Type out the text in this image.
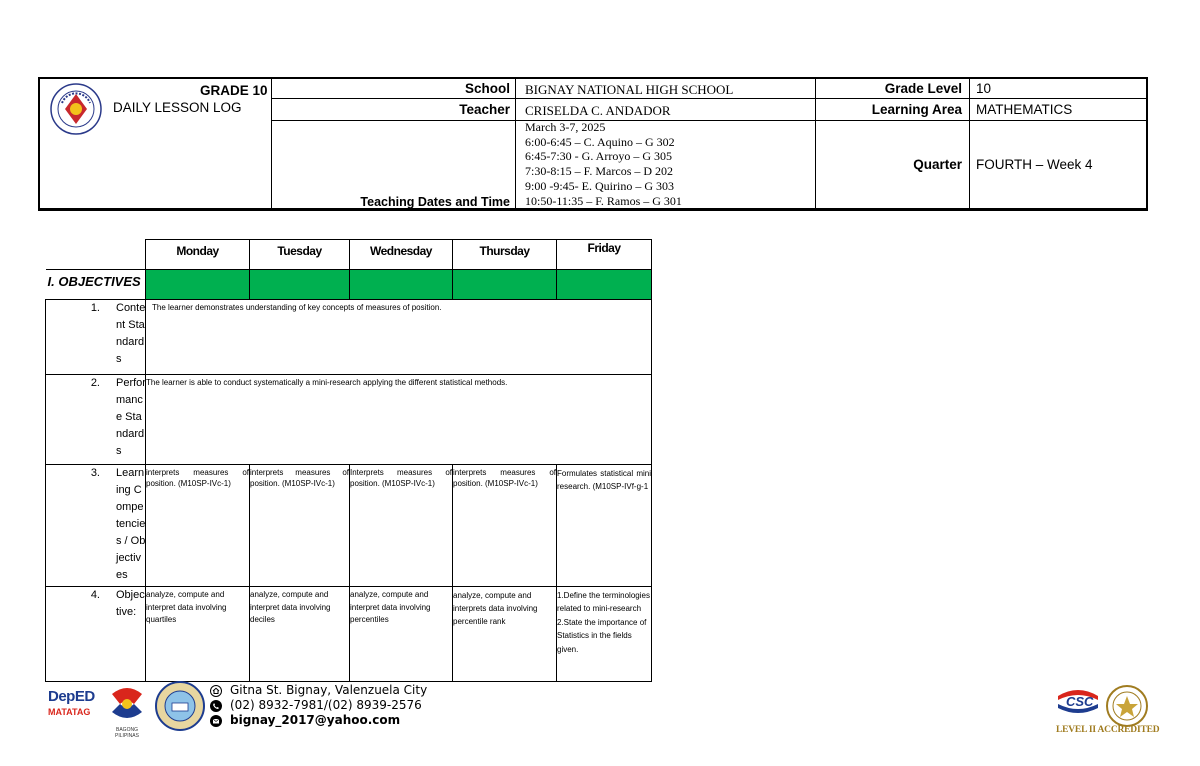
GRADE 10
DAILY LESSON LOG
School BIGNAY NATIONAL HIGH SCHOOL
Teacher CRISELDA C. ANDADOR
Teaching Dates and Time
March 3-7, 2025
6:00-6:45 – C. Aquino – G 302
6:45-7:30 - G. Arroyo – G 305
7:30-8:15 – F. Marcos – D 202
9:00 -9:45- E. Quirino – G 303
10:50-11:35 – F. Ramos – G 301
Grade Level 10
Learning Area MATHEMATICS
Quarter FOURTH – Week 4
	Monday	Tuesday	Wednesday	Thursday	Friday
I. OBJECTIVES					

1. Content Standards	The learner demonstrates understanding of key concepts of measures of position.				

2. Performance Standards	The learner is able to conduct systematically a mini-research applying the different statistical methods.				

3. Learning Competencies / Objectives	interprets measures of position. (M10SP-IVc-1)	interprets measures of position. (M10SP-IVc-1)	Interprets measures of position. (M10SP-IVc-1)	interprets measures of position. (M10SP-IVc-1)	Formulates statistical mini research. (M10SP-IVf-g-1

4. Objective:	analyze, compute and interpret data involving quartiles	analyze, compute and interpret data involving deciles	analyze, compute and interpret data involving percentiles	analyze, compute and interprets data involving percentile rank	1.Define the terminologies related to mini-research 2.State the importance of Statistics in the fields given.
DepED
MATATAG
BAGONG PILIPINAS
Gitna St. Bignay, Valenzuela City
(02) 8932-7981/(02) 8939-2576
bignay_2017@yahoo.com
CSC
LEVEL II ACCREDITED
